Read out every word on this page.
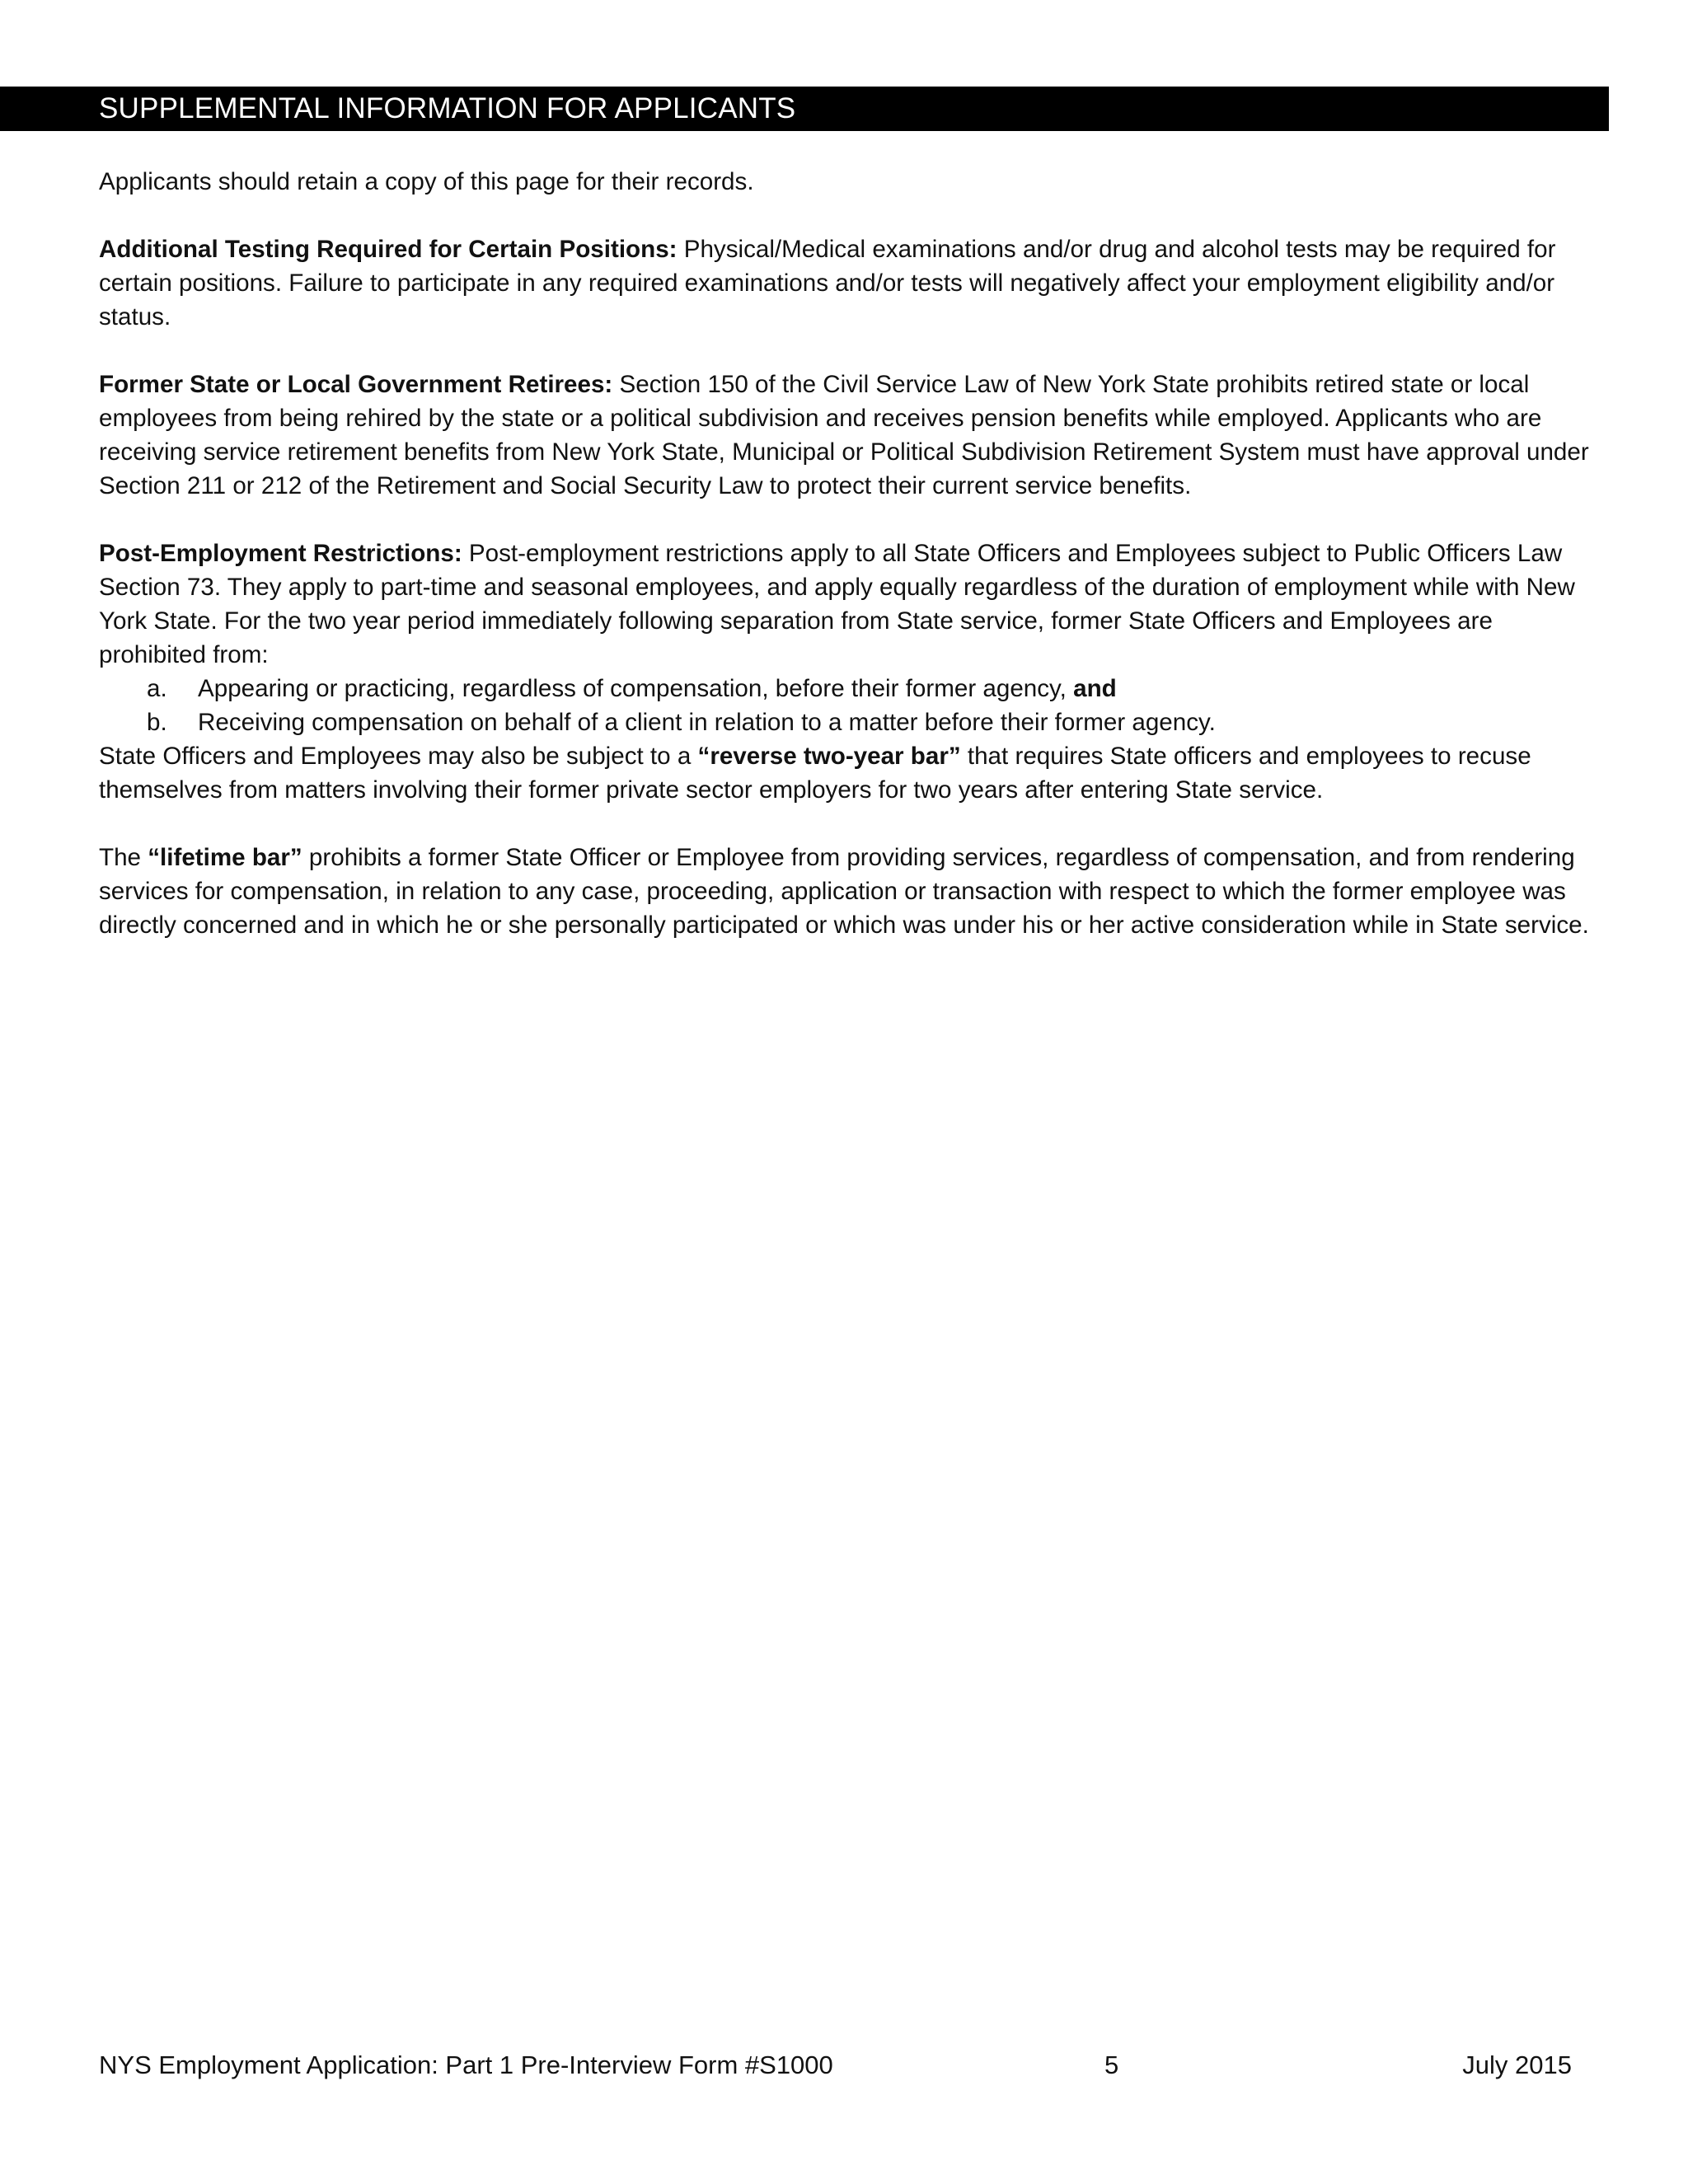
SUPPLEMENTAL INFORMATION FOR APPLICANTS

Applicants should retain a copy of this page for their records.

Additional Testing Required for Certain Positions: Physical/Medical examinations and/or drug and alcohol tests may be required for certain positions. Failure to participate in any required examinations and/or tests will negatively affect your employment eligibility and/or status.

Former State or Local Government Retirees: Section 150 of the Civil Service Law of New York State prohibits retired state or local employees from being rehired by the state or a political subdivision and receives pension benefits while employed. Applicants who are receiving service retirement benefits from New York State, Municipal or Political Subdivision Retirement System must have approval under Section 211 or 212 of the Retirement and Social Security Law to protect their current service benefits.

Post-Employment Restrictions: Post-employment restrictions apply to all State Officers and Employees subject to Public Officers Law Section 73. They apply to part-time and seasonal employees, and apply equally regardless of the duration of employment while with New York State. For the two year period immediately following separation from State service, former State Officers and Employees are prohibited from:
a.	Appearing or practicing, regardless of compensation, before their former agency, and
b.	Receiving compensation on behalf of a client in relation to a matter before their former agency.
State Officers and Employees may also be subject to a “reverse two-year bar” that requires State officers and employees to recuse themselves from matters involving their former private sector employers for two years after entering State service.

The “lifetime bar” prohibits a former State Officer or Employee from providing services, regardless of compensation, and from rendering services for compensation, in relation to any case, proceeding, application or transaction with respect to which the former employee was directly concerned and in which he or she personally participated or which was under his or her active consideration while in State service.

NYS Employment Application: Part 1 Pre-Interview Form #S1000	5	July 2015
